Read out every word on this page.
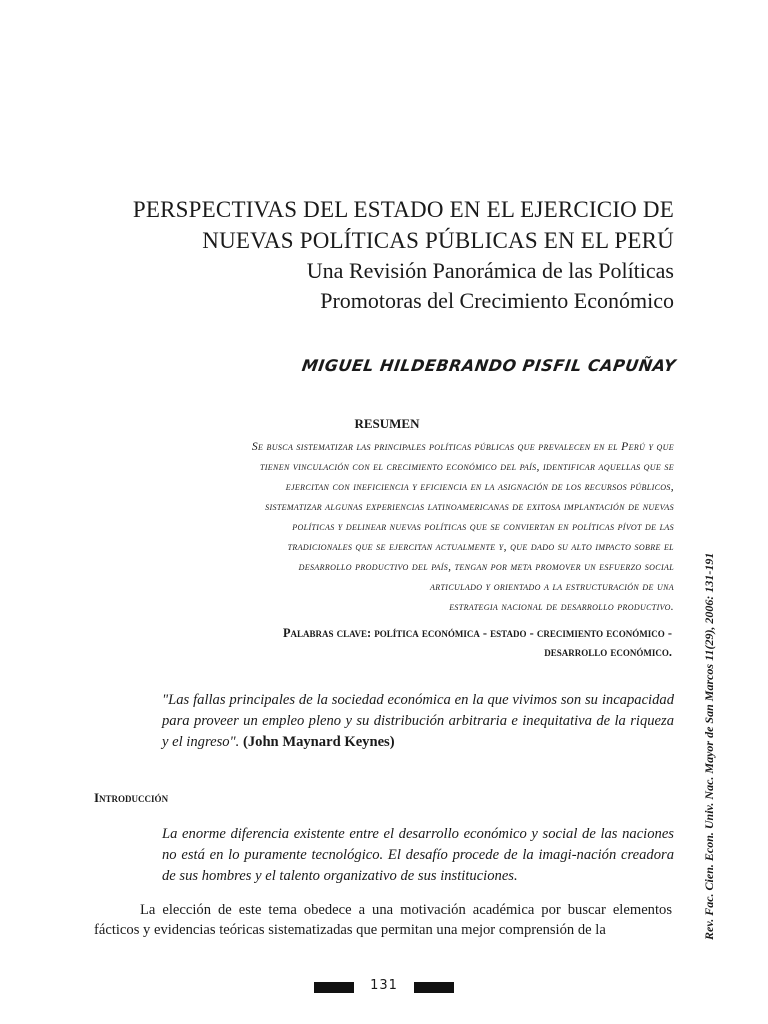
PERSPECTIVAS DEL ESTADO EN EL EJERCICIO DE
NUEVAS POLÍTICAS PÚBLICAS EN EL PERÚ
Una Revisión Panorámica de las Políticas
Promotoras del Crecimiento Económico
MIGUEL HILDEBRANDO PISFIL CAPUÑAY
RESUMEN
Se busca sistematizar las principales políticas públicas que prevalecen en el Perú y que
tienen vinculación con el crecimiento económico del país, identificar aquellas que se
ejercitan con ineficiencia y eficiencia en la asignación de los recursos públicos,
sistematizar algunas experiencias latinoamericanas de exitosa implantación de nuevas
políticas y delinear nuevas políticas que se conviertan en políticas pívot de las
tradicionales que se ejercitan actualmente y, que dado su alto impacto sobre el
desarrollo productivo del país, tengan por meta promover un esfuerzo social
articulado y orientado a la estructuración de una
estrategia nacional de desarrollo productivo.
Palabras clave: política económica - estado - crecimiento económico -
desarrollo económico.
"Las fallas principales de la sociedad económica en la que vivimos son su incapacidad para proveer un empleo pleno y su distribución arbitraria e inequitativa de la riqueza y el ingreso". (John Maynard Keynes)
Introducción
La enorme diferencia existente entre el desarrollo económico y social de las naciones no está en lo puramente tecnológico. El desafío procede de la imagi-nación creadora de sus hombres y el talento organizativo de sus instituciones.
La elección de este tema obedece a una motivación académica por buscar elementos fácticos y evidencias teóricas sistematizadas que permitan una mejor comprensión de la	Rev. Fac. Cien. Econ. Univ. Nac. Mayor de San Marcos 11(29), 2006: 131-191
131
